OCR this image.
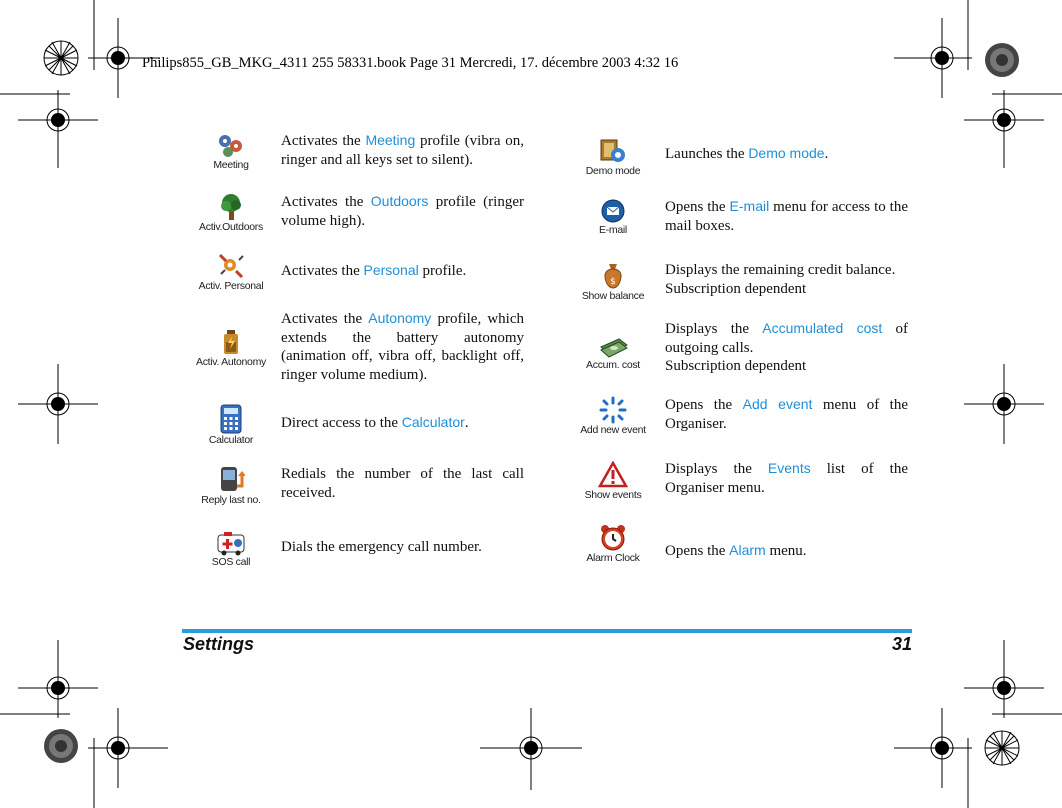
Philips855_GB_MKG_4311 255 58331.book Page 31 Mercredi, 17. décembre 2003 4:32 16
Meeting
Activ.Outdoors
Activ. Personal
Activ. Autonomy
Calculator
Reply last no.
SOS call
Activates the Meeting profile (vibra on, ringer and all keys set to silent).
Activates the Outdoors profile (ringer volume high).
Activates the Personal profile.
Activates the Autonomy profile, which extends the battery autonomy (animation off, vibra off, backlight off, ringer volume medium).
Direct access to the Calculator.
Redials the number of the last call received.
Dials the emergency call number.
Demo mode
E-mail
$
Show balance
Accum. cost
Add new event
Show events
Alarm Clock
Launches the Demo mode.
Opens the E-mail menu for access to the mail boxes.

Displays the remaining credit balance.

Subscription dependent

Displays the Accumulated cost of outgoing calls.

Subscription dependent

Opens the Add event menu of the Organiser.
Displays the Events list of the Organiser menu.
Opens the Alarm menu.
Settings	31
